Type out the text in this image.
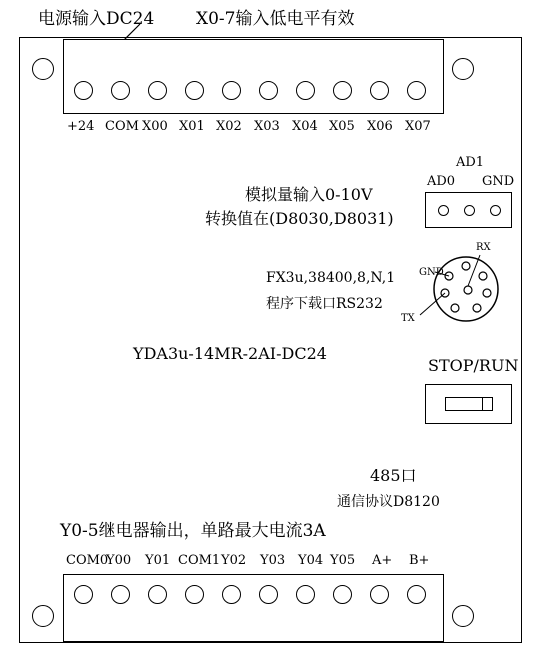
电源输入DC24 X0-7输入低电平有效
+24 COM X00 X01 X02 X03 X04 X05 X06 X07
模拟量输入0-10V
转换值在(D8030,D8031)
AD1
AD0 GND
FX3u,38400,8,N,1
程序下载口RS232
RX
GND
TX
YDA3u-14MR-2AI-DC24
STOP/RUN
485口
通信协议D8120
Y0-5继电器输出，单路最大电流3A
COM0
Y00 Y01 COM1 Y02 Y03 Y04 Y05 A+ B+
